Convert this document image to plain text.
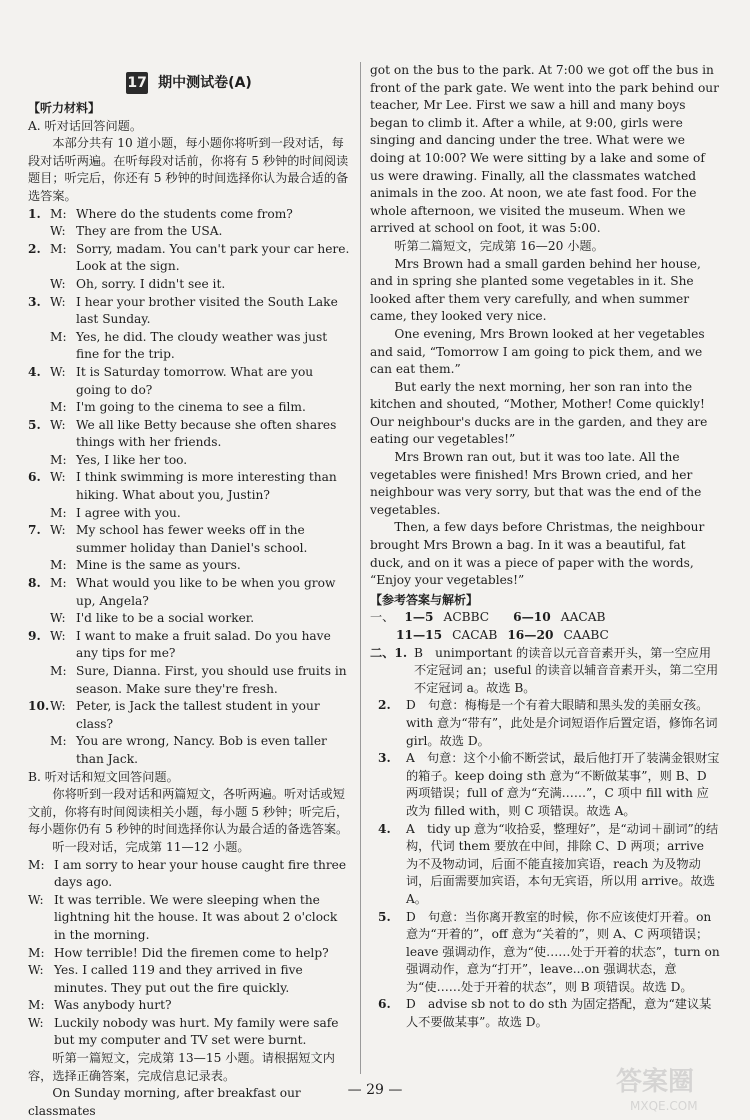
17 期中测试卷(A)

【听力材料】

A. 听对话回答问题。

本部分共有 10 道小题，每小题你将听到一段对话，每段对话听两遍。在听每段对话前，你将有 5 秒钟的时间阅读题目；听完后，你还有 5 秒钟的时间选择你认为最合适的备选答案。

1. M: Where do the students come from?
W: They are from the USA.
2. M: Sorry, madam. You can't park your car here. Look at the sign.
W: Oh, sorry. I didn't see it.
3. W: I hear your brother visited the South Lake last Sunday.
M: Yes, he did. The cloudy weather was just fine for the trip.
4. W: It is Saturday tomorrow. What are you going to do?
M: I'm going to the cinema to see a film.
5. W: We all like Betty because she often shares things with her friends.
M: Yes, I like her too.
6. W: I think swimming is more interesting than hiking. What about you, Justin?
M: I agree with you.
7. W: My school has fewer weeks off in the summer holiday than Daniel's school.
M: Mine is the same as yours.
8. M: What would you like to be when you grow up, Angela?
W: I'd like to be a social worker.
9. W: I want to make a fruit salad. Do you have any tips for me?
M: Sure, Dianna. First, you should use fruits in season. Make sure they're fresh.
10. W: Peter, is Jack the tallest student in your class?
M: You are wrong, Nancy. Bob is even taller than Jack.

B. 听对话和短文回答问题。

你将听到一段对话和两篇短文，各听两遍。听对话或短文前，你将有时间阅读相关小题，每小题 5 秒钟；听完后，每小题你仍有 5 秒钟的时间选择你认为最合适的备选答案。

听一段对话，完成第 11—12 小题。

M: I am sorry to hear your house caught fire three days ago.
W: It was terrible. We were sleeping when the lightning hit the house. It was about 2 o'clock in the morning.
M: How terrible! Did the firemen come to help?
W: Yes. I called 119 and they arrived in five minutes. They put out the fire quickly.
M: Was anybody hurt?
W: Luckily nobody was hurt. My family were safe but my computer and TV set were burnt.

听第一篇短文，完成第 13—15 小题。请根据短文内容，选择正确答案，完成信息记录表。

On Sunday morning, after breakfast our classmates

got on the bus to the park. At 7:00 we got off the bus in front of the park gate. We went into the park behind our teacher, Mr Lee. First we saw a hill and many boys began to climb it. After a while, at 9:00, girls were singing and dancing under the tree. What were we doing at 10:00? We were sitting by a lake and some of us were drawing. Finally, all the classmates watched animals in the zoo. At noon, we ate fast food. For the whole afternoon, we visited the museum. When we arrived at school on foot, it was 5:00.

听第二篇短文，完成第 16—20 小题。

Mrs Brown had a small garden behind her house, and in spring she planted some vegetables in it. She looked after them very carefully, and when summer came, they looked very nice.

One evening, Mrs Brown looked at her vegetables and said, “Tomorrow I am going to pick them, and we can eat them.”

But early the next morning, her son ran into the kitchen and shouted, “Mother, Mother! Come quickly! Our neighbour's ducks are in the garden, and they are eating our vegetables!”

Mrs Brown ran out, but it was too late. All the vegetables were finished! Mrs Brown cried, and her neighbour was very sorry, but that was the end of the vegetables.

Then, a few days before Christmas, the neighbour brought Mrs Brown a bag. In it was a beautiful, fat duck, and on it was a piece of paper with the words, “Enjoy your vegetables!”

【参考答案与解析】

一、 1—5 ACBBC 6—10 AACAB
11—15 CACAB 16—20 CAABC
二、1. B　unimportant 的读音以元音音素开头，第一空应用不定冠词 an；useful 的读音以辅音音素开头，第二空用不定冠词 a。故选 B。
2.	D　句意：梅梅是一个有着大眼睛和黑头发的美丽女孩。with 意为“带有”，此处是介词短语作后置定语，修饰名词 girl。故选 D。
3.	A　句意：这个小偷不断尝试，最后他打开了装满金银财宝的箱子。keep doing sth 意为“不断做某事”，则 B、D 两项错误；full of 意为“充满……”，C 项中 fill with 应改为 filled with，则 C 项错误。故选 A。
4.	A　tidy up 意为“收拾妥，整理好”，是“动词＋副词”的结构，代词 them 要放在中间，排除 C、D 两项；arrive 为不及物动词，后面不能直接加宾语，reach 为及物动词，后面需要加宾语，本句无宾语，所以用 arrive。故选 A。
5.	D　句意：当你离开教室的时候，你不应该使灯开着。on 意为“开着的”，off 意为“关着的”，则 A、C 两项错误；leave 强调动作，意为“使……处于开着的状态”，turn on 强调动作，意为“打开”，leave...on 强调状态，意为“使……处于开着的状态”，则 B 项错误。故选 D。
6.	D　advise sb not to do sth 为固定搭配，意为“建议某人不要做某事”。故选 D。
— 29 —	答案圈
MXQE.COM
